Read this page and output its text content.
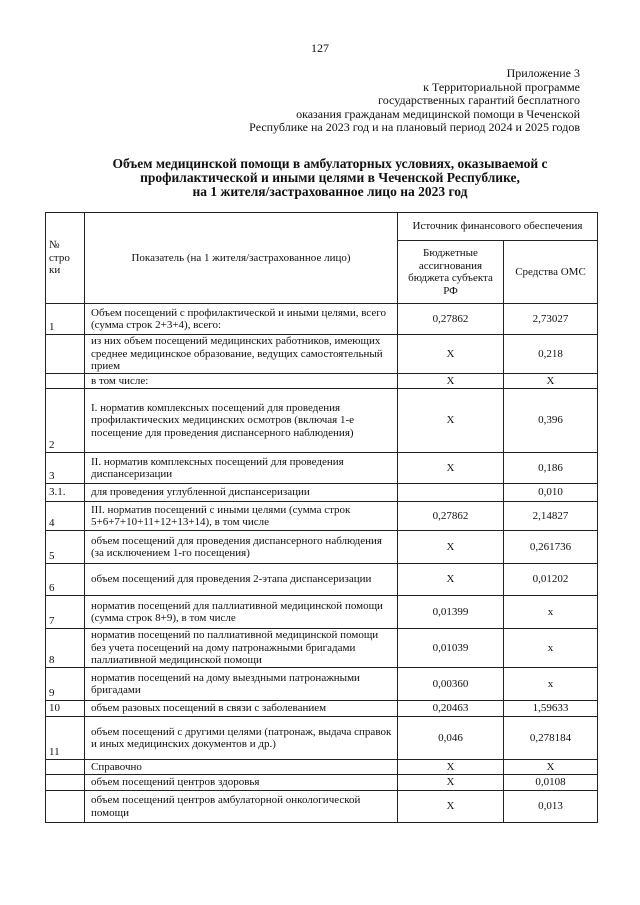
127
Приложение 3
к Территориальной программе
государственных гарантий бесплатного
оказания гражданам медицинской помощи в Чеченской
Республике на 2023 год и на плановый период 2024 и 2025 годов
Объем медицинской помощи в амбулаторных условиях, оказываемой с
профилактической и иными целями в Чеченской Республике,
на 1 жителя/застрахованное лицо на 2023 год
№ стро ки	Показатель (на 1 жителя/застрахованное лицо)	Источник финансового обеспечения	
		Бюджетные ассигнования бюджета субъекта РФ	Средства ОМС
1	Объем посещений с профилактической и иными целями, всего (сумма строк 2+3+4), всего:	0,27862	2,73027
	из них объем посещений медицинских работников, имеющих среднее медицинское образование, ведущих самостоятельный прием	X	0,218
	в том числе:	X	X
2	I. норматив комплексных посещений для проведения профилактических медицинских осмотров (включая 1-е посещение для проведения диспансерного наблюдения)	X	0,396
3	II. норматив комплексных посещений для проведения диспансеризации	X	0,186
3.1.	для проведения углубленной диспансеризации		0,010
4	III. норматив посещений с иными целями (сумма строк 5+6+7+10+11+12+13+14), в том числе	0,27862	2,14827
5	объем посещений для проведения диспансерного наблюдения (за исключением 1-го посещения)	X	0,261736
6	объем посещений для проведения 2-этапа диспансеризации	X	0,01202
7	норматив посещений для паллиативной медицинской помощи (сумма строк 8+9), в том числе	0,01399	x
8	норматив посещений по паллиативной медицинской помощи без учета посещений на дому патронажными бригадами паллиативной медицинской помощи	0,01039	x
9	норматив посещений на дому выездными патронажными бригадами	0,00360	x
10	объем разовых посещений в связи с заболеванием	0,20463	1,59633
11	объем посещений с другими целями (патронаж, выдача справок и иных медицинских документов и др.)	0,046	0,278184
	Справочно	X	X
	объем посещений центров здоровья	X	0,0108
	объем посещений центров амбулаторной онкологической помощи	X	0,013
